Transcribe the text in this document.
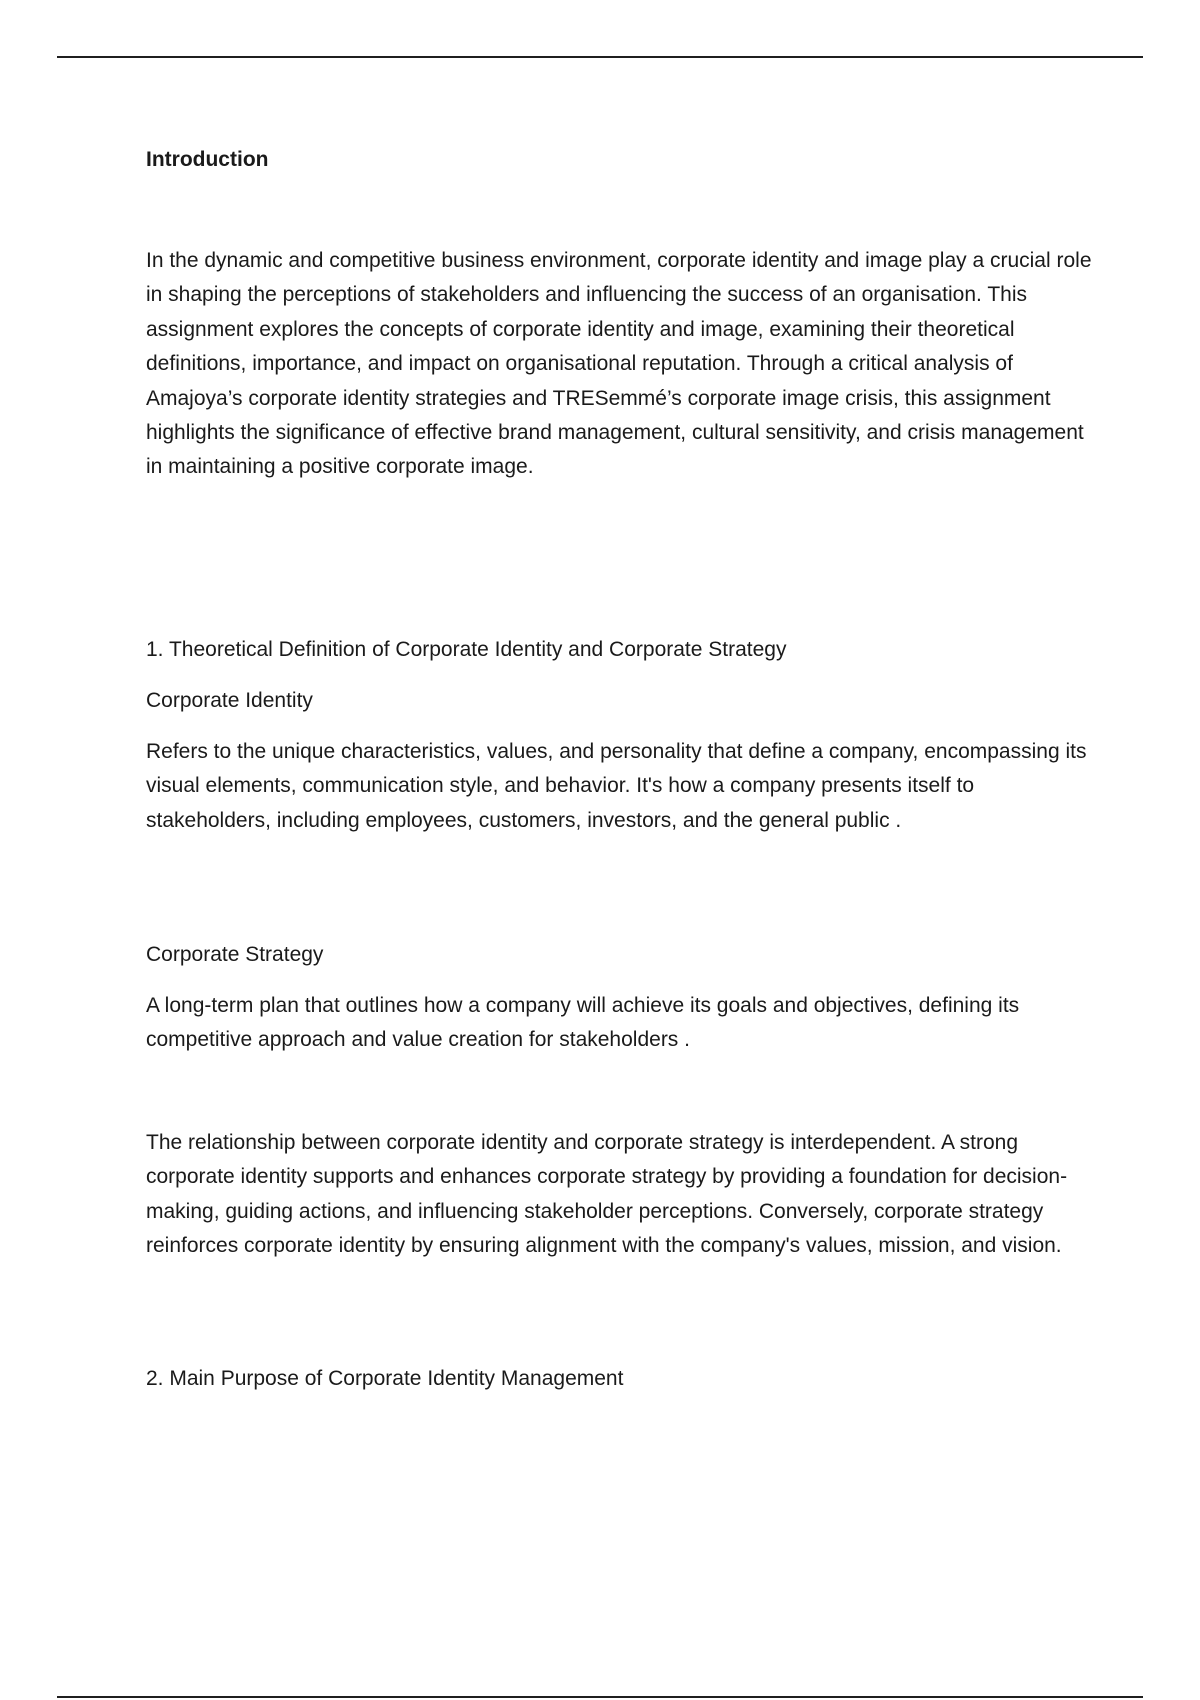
Introduction

In the dynamic and competitive business environment, corporate identity and image play a crucial role in shaping the perceptions of stakeholders and influencing the success of an organisation. This assignment explores the concepts of corporate identity and image, examining their theoretical definitions, importance, and impact on organisational reputation. Through a critical analysis of Amajoya’s corporate identity strategies and TRESemmé’s corporate image crisis, this assignment highlights the significance of effective brand management, cultural sensitivity, and crisis management in maintaining a positive corporate image.

1. Theoretical Definition of Corporate Identity and Corporate Strategy

Corporate Identity

Refers to the unique characteristics, values, and personality that define a company, encompassing its visual elements, communication style, and behavior. It's how a company presents itself to stakeholders, including employees, customers, investors, and the general public .

Corporate Strategy

A long-term plan that outlines how a company will achieve its goals and objectives, defining its competitive approach and value creation for stakeholders .

The relationship between corporate identity and corporate strategy is interdependent. A strong corporate identity supports and enhances corporate strategy by providing a foundation for decision-making, guiding actions, and influencing stakeholder perceptions. Conversely, corporate strategy reinforces corporate identity by ensuring alignment with the company's values, mission, and vision.

2. Main Purpose of Corporate Identity Management
